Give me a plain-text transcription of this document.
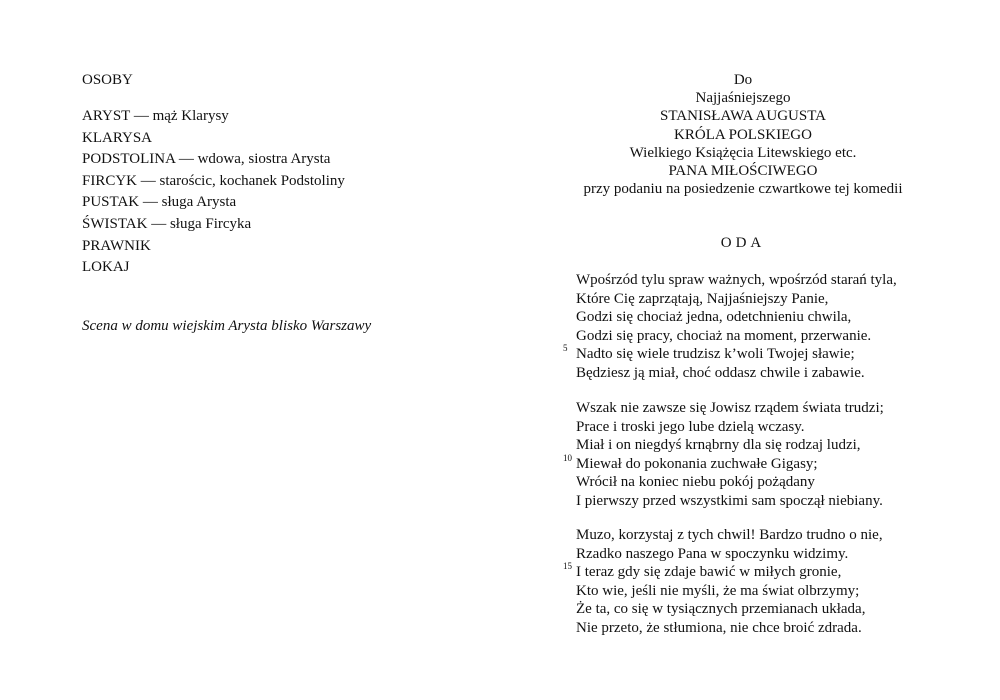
OSOBY
ARYST — mąż Klarysy
KLARYSA
PODSTOLINA — wdowa, siostra Arysta
FIRCYK — starościc, kochanek Podstoliny
PUSTAK — sługa Arysta
ŚWISTAK — sługa Fircyka
PRAWNIK
LOKAJ
Scena w domu wiejskim Arysta blisko Warszawy
Do
Najjaśniejszego
STANISŁAWA AUGUSTA
KRÓLA POLSKIEGO
Wielkiego Książęcia Litewskiego etc.
PANA MIŁOŚCIWEGO
przy podaniu na posiedzenie czwartkowe tej komedii
ODA
Wpośrzód tylu spraw ważnych, wpośrzód starań tyla,
Które Cię zaprzątają, Najjaśniejszy Panie,
Godzi się chociaż jedna, odetchnieniu chwila,
Godzi się pracy, chociaż na moment, przerwanie.
5 Nadto się wiele trudzisz k’woli Twojej sławie;
Będziesz ją miał, choć oddasz chwile i zabawie.
Wszak nie zawsze się Jowisz rządem świata trudzi;
Prace i troski jego lube dzielą wczasy.
Miał i on niegdyś krnąbrny dla się rodzaj ludzi,
10 Miewał do pokonania zuchwałe Gigasy;
Wrócił na koniec niebu pokój pożądany
I pierwszy przed wszystkimi sam spoczął niebiany.
Muzo, korzystaj z tych chwil! Bardzo trudno o nie,
Rzadko naszego Pana w spoczynku widzimy.
15 I teraz gdy się zdaje bawić w miłych gronie,
Kto wie, jeśli nie myśli, że ma świat olbrzymy;
Że ta, co się w tysiącznych przemianach układa,
Nie przeto, że stłumiona, nie chce broić zdrada.
